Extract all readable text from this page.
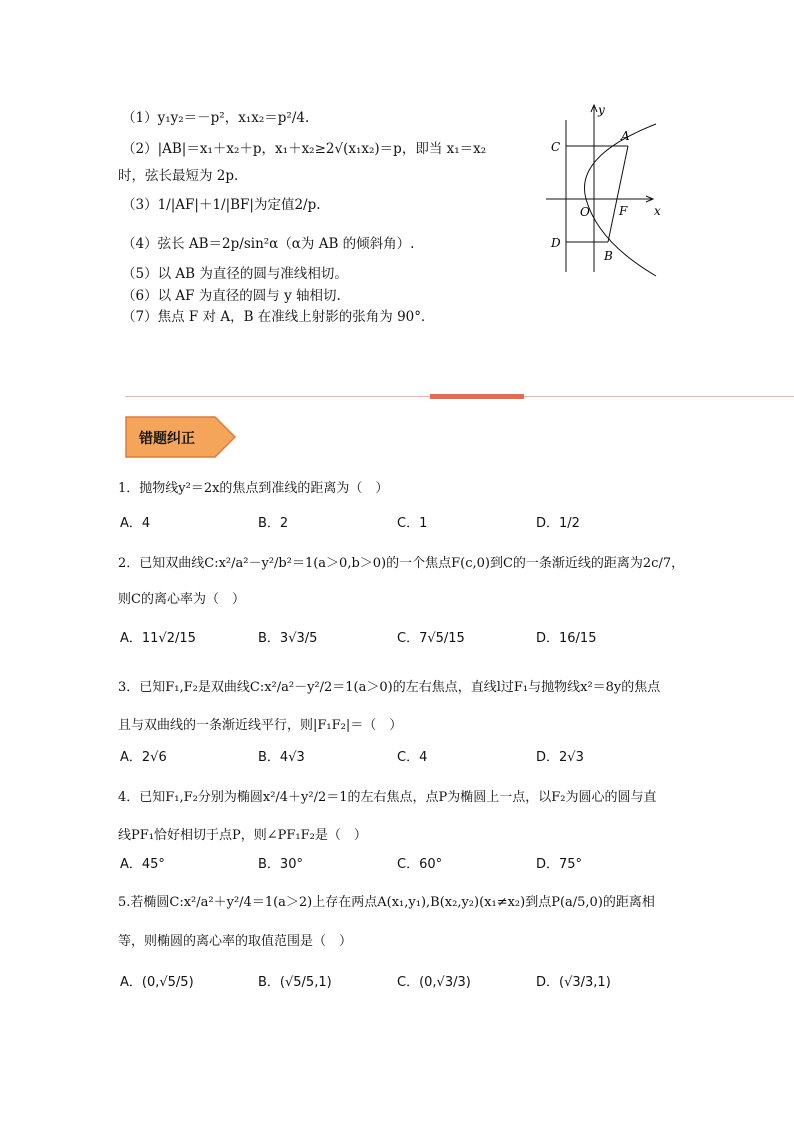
（1）y₁y₂＝－p²，x₁x₂＝p²/4.
（2）|AB|＝x₁＋x₂＋p，x₁＋x₂≥2√(x₁x₂)＝p，即当 x₁＝x₂
时，弦长最短为 2p.
（3）1/|AF|＋1/|BF|为定值2/p.
（4）弦长 AB＝2p/sin²α（α为 AB 的倾斜角）.
（5）以 AB 为直径的圆与准线相切。
（6）以 AF 为直径的圆与 y 轴相切.
（7）焦点 F 对 A，B 在准线上射影的张角为 90°．
y
x
O
A
B
C
D
F
错题纠正
1．抛物线y²＝2x的焦点到准线的距离为（　）
A．4	B．2	C．1	D．1/2
2．已知双曲线C:x²/a²－y²/b²＝1(a＞0,b＞0)的一个焦点F(c,0)到C的一条渐近线的距离为2c/7，
则C的离心率为（　）
A．11√2/15	B．3√3/5	C．7√5/15	D．16/15
3．已知F₁,F₂是双曲线C:x²/a²－y²/2＝1(a＞0)的左右焦点，直线l过F₁与抛物线x²＝8y的焦点
且与双曲线的一条渐近线平行，则|F₁F₂|＝（　）
A．2√6	B．4√3	C．4	D．2√3
4．已知F₁,F₂分别为椭圆x²/4＋y²/2＝1的左右焦点，点P为椭圆上一点，以F₂为圆心的圆与直
线PF₁恰好相切于点P，则∠PF₁F₂是（　）
A．45°	B．30°	C．60°	D．75°
5.若椭圆C:x²/a²＋y²/4＝1(a＞2)上存在两点A(x₁,y₁),B(x₂,y₂)(x₁≠x₂)到点P(a/5,0)的距离相
等，则椭圆的离心率的取值范围是（　）
A．(0,√5/5)	B．(√5/5,1)	C．(0,√3/3)	D．(√3/3,1)
